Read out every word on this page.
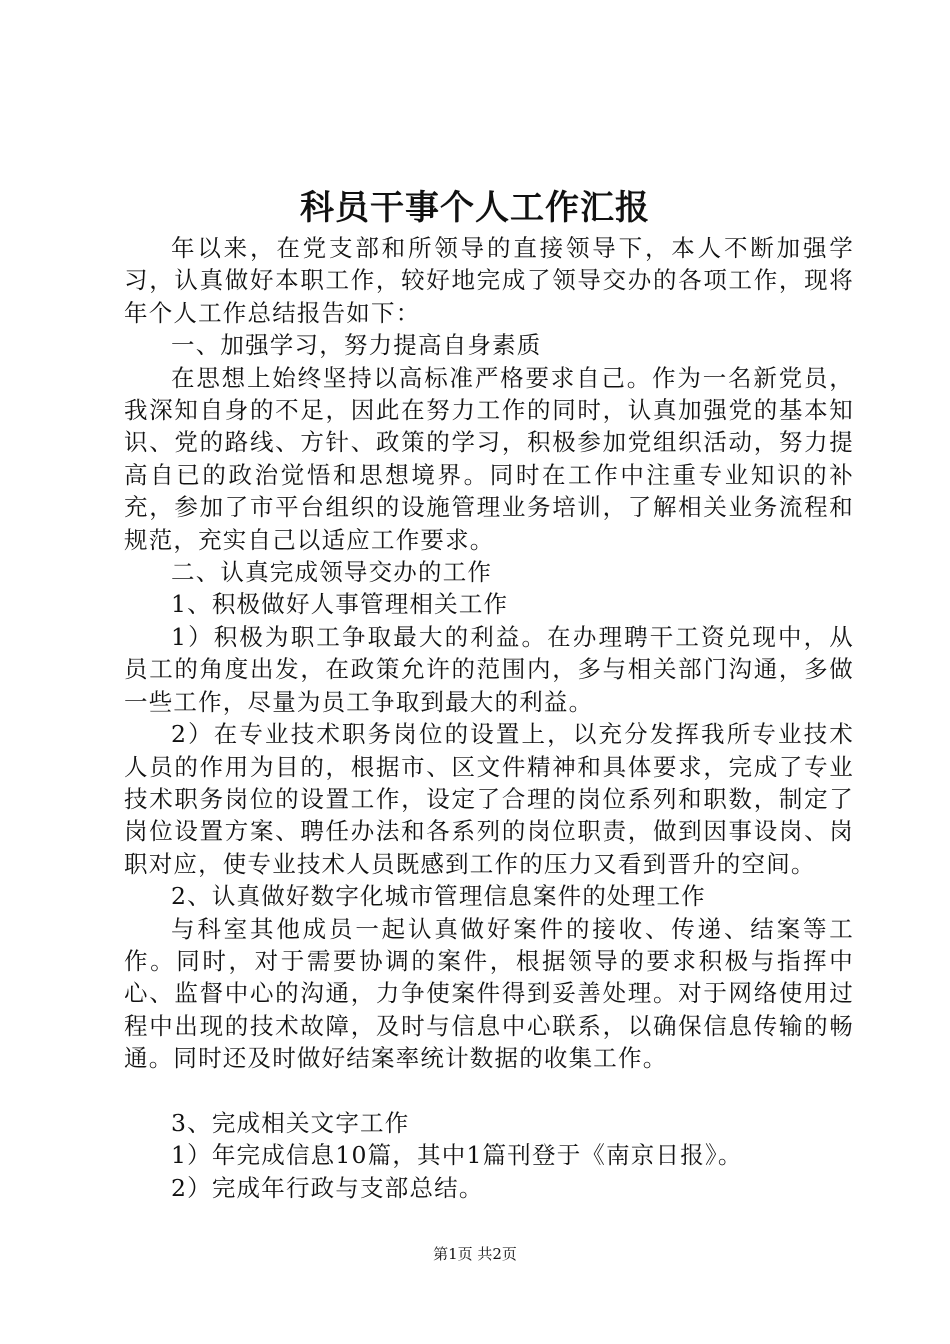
科员干事个人工作汇报

年以来，在党支部和所领导的直接领导下，本人不断加强学习，认真做好本职工作，较好地完成了领导交办的各项工作，现将年个人工作总结报告如下：

一、加强学习，努力提高自身素质

在思想上始终坚持以高标准严格要求自己。作为一名新党员，我深知自身的不足，因此在努力工作的同时，认真加强党的基本知识、党的路线、方针、政策的学习，积极参加党组织活动，努力提高自已的政治觉悟和思想境界。同时在工作中注重专业知识的补充，参加了市平台组织的设施管理业务培训，了解相关业务流程和规范，充实自己以适应工作要求。

二、认真完成领导交办的工作

1、积极做好人事管理相关工作

1）积极为职工争取最大的利益。在办理聘干工资兑现中，从员工的角度出发，在政策允许的范围内，多与相关部门沟通，多做一些工作，尽量为员工争取到最大的利益。

2）在专业技术职务岗位的设置上，以充分发挥我所专业技术人员的作用为目的，根据市、区文件精神和具体要求，完成了专业技术职务岗位的设置工作，设定了合理的岗位系列和职数，制定了岗位设置方案、聘任办法和各系列的岗位职责，做到因事设岗、岗职对应，使专业技术人员既感到工作的压力又看到晋升的空间。

2、认真做好数字化城市管理信息案件的处理工作

与科室其他成员一起认真做好案件的接收、传递、结案等工作。同时，对于需要协调的案件，根据领导的要求积极与指挥中心、监督中心的沟通，力争使案件得到妥善处理。对于网络使用过程中出现的技术故障，及时与信息中心联系，以确保信息传输的畅通。同时还及时做好结案率统计数据的收集工作。

3、完成相关文字工作

1）年完成信息10篇，其中1篇刊登于《南京日报》。

2）完成年行政与支部总结。

第1页 共2页
